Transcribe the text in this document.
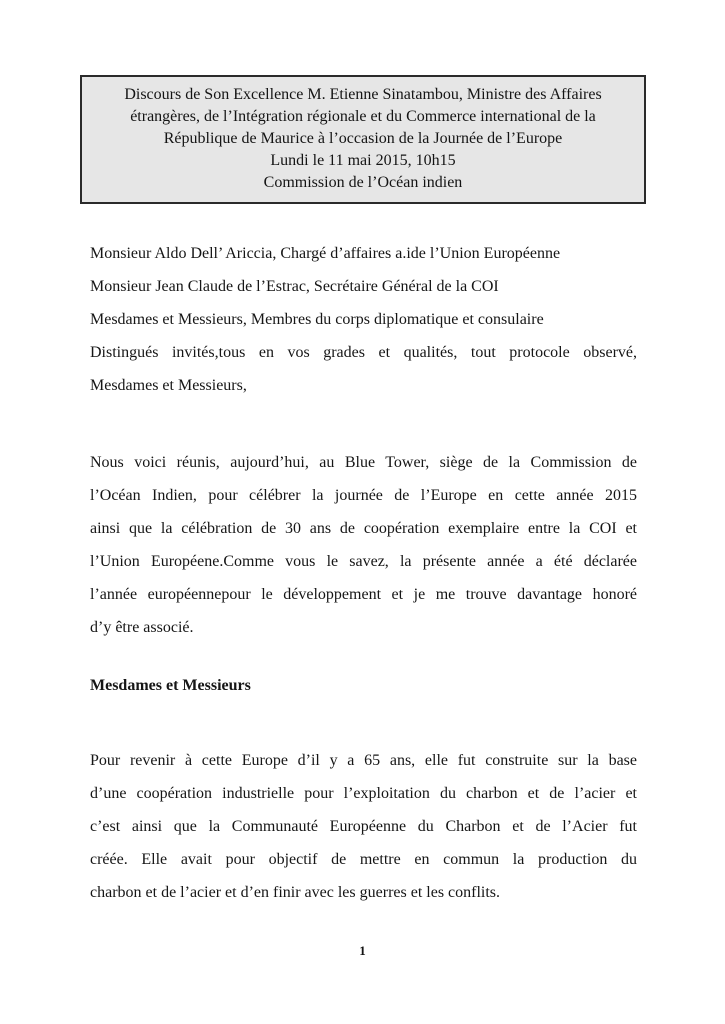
Discours de Son Excellence M. Etienne Sinatambou, Ministre des Affaires
étrangères, de l’Intégration régionale et du Commerce international de la
République de Maurice à l’occasion de la Journée de l’Europe
Lundi le 11 mai 2015, 10h15
Commission de l’Océan indien
Monsieur Aldo Dell’ Ariccia, Chargé d’affaires a.ide l’Union Européenne
Monsieur Jean Claude de l’Estrac, Secrétaire Général de la COI
Mesdames et Messieurs, Membres du corps diplomatique et consulaire
Distingués invités,tous en vos grades et qualités, tout protocole observé,
Mesdames et Messieurs,
Nous voici réunis, aujourd’hui, au Blue Tower, siège de la Commission de
l’Océan Indien, pour célébrer la journée de l’Europe en cette année 2015
ainsi que la célébration de 30 ans de coopération exemplaire entre la COI et
l’Union Européene.Comme vous le savez, la présente année a été déclarée
l’année européennepour le développement et je me trouve davantage honoré
d’y être associé.
Mesdames et Messieurs
Pour revenir à cette Europe d’il y a 65 ans, elle fut construite sur la base
d’une coopération industrielle pour l’exploitation du charbon et de l’acier et
c’est ainsi que la Communauté Européenne du Charbon et de l’Acier fut
créée. Elle avait pour objectif de mettre en commun la production du
charbon et de l’acier et d’en finir avec les guerres et les conflits.
1
